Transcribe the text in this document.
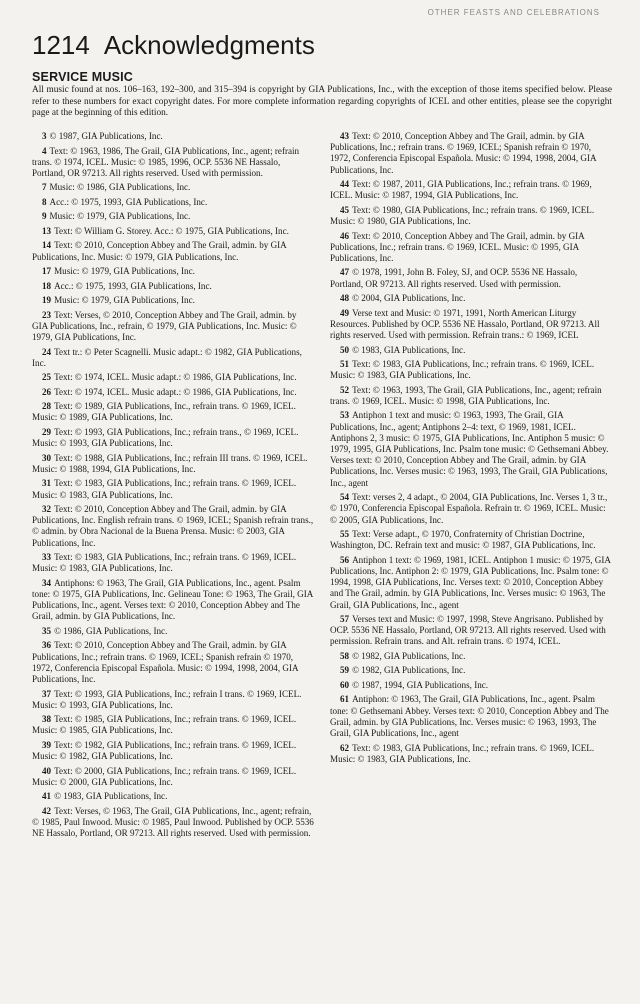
OTHER FEASTS AND CELEBRATIONS
1214 Acknowledgments
SERVICE MUSIC
All music found at nos. 106–163, 192–300, and 315–394 is copyright by GIA Publications, Inc., with the exception of those items specified below. Please refer to these numbers for exact copyright dates. For more complete information regarding copyrights of ICEL and other entities, please see the copyright page at the beginning of this edition.

3 © 1987, GIA Publications, Inc.

4 Text: © 1963, 1986, The Grail, GIA Publications, Inc., agent; refrain trans. © 1974, ICEL. Music: © 1985, 1996, OCP. 5536 NE Hassalo, Portland, OR 97213. All rights reserved. Used with permission.

7 Music: © 1986, GIA Publications, Inc.

8 Acc.: © 1975, 1993, GIA Publications, Inc.

9 Music: © 1979, GIA Publications, Inc.

13 Text: © William G. Storey. Acc.: © 1975, GIA Publications, Inc.

14 Text: © 2010, Conception Abbey and The Grail, admin. by GIA Publications, Inc. Music: © 1979, GIA Publications, Inc.

17 Music: © 1979, GIA Publications, Inc.

18 Acc.: © 1975, 1993, GIA Publications, Inc.

19 Music: © 1979, GIA Publications, Inc.

23 Text: Verses, © 2010, Conception Abbey and The Grail, admin. by GIA Publications, Inc., refrain, © 1979, GIA Publications, Inc. Music: © 1979, GIA Publications, Inc.

24 Text tr.: © Peter Scagnelli. Music adapt.: © 1982, GIA Publications, Inc.

25 Text: © 1974, ICEL. Music adapt.: © 1986, GIA Publications, Inc.

26 Text: © 1974, ICEL. Music adapt.: © 1986, GIA Publications, Inc.

28 Text: © 1989, GIA Publications, Inc., refrain trans. © 1969, ICEL. Music: © 1989, GIA Publications, Inc.

29 Text: © 1993, GIA Publications, Inc.; refrain trans., © 1969, ICEL. Music: © 1993, GIA Publications, Inc.

30 Text: © 1988, GIA Publications, Inc.; refrain III trans. © 1969, ICEL. Music: © 1988, 1994, GIA Publications, Inc.

31 Text: © 1983, GIA Publications, Inc.; refrain trans. © 1969, ICEL. Music: © 1983, GIA Publications, Inc.

32 Text: © 2010, Conception Abbey and The Grail, admin. by GIA Publications, Inc. English refrain trans. © 1969, ICEL; Spanish refrain trans., © admin. by Obra Nacional de la Buena Prensa. Music: © 2003, GIA Publications, Inc.

33 Text: © 1983, GIA Publications, Inc.; refrain trans. © 1969, ICEL. Music: © 1983, GIA Publications, Inc.

34 Antiphons: © 1963, The Grail, GIA Publications, Inc., agent. Psalm tone: © 1975, GIA Publications, Inc. Gelineau Tone: © 1963, The Grail, GIA Publications, Inc., agent. Verses text: © 2010, Conception Abbey and The Grail, admin. by GIA Publications, Inc.

35 © 1986, GIA Publications, Inc.

36 Text: © 2010, Conception Abbey and The Grail, admin. by GIA Publications, Inc.; refrain trans. © 1969, ICEL; Spanish refrain © 1970, 1972, Conferencia Episcopal Española. Music: © 1994, 1998, 2004, GIA Publications, Inc.

37 Text: © 1993, GIA Publications, Inc.; refrain I trans. © 1969, ICEL. Music: © 1993, GIA Publications, Inc.

38 Text: © 1985, GIA Publications, Inc.; refrain trans. © 1969, ICEL. Music: © 1985, GIA Publications, Inc.

39 Text: © 1982, GIA Publications, Inc.; refrain trans. © 1969, ICEL. Music: © 1982, GIA Publications, Inc.

40 Text: © 2000, GIA Publications, Inc.; refrain trans. © 1969, ICEL. Music: © 2000, GIA Publications, Inc.

41 © 1983, GIA Publications, Inc.

42 Text: Verses, © 1963, The Grail, GIA Publications, Inc., agent; refrain, © 1985, Paul Inwood. Music: © 1985, Paul Inwood. Published by OCP. 5536 NE Hassalo, Portland, OR 97213. All rights reserved. Used with permission.

43 Text: © 2010, Conception Abbey and The Grail, admin. by GIA Publications, Inc.; refrain trans. © 1969, ICEL; Spanish refrain © 1970, 1972, Conferencia Episcopal Española. Music: © 1994, 1998, 2004, GIA Publications, Inc.

44 Text: © 1987, 2011, GIA Publications, Inc.; refrain trans. © 1969, ICEL. Music: © 1987, 1994, GIA Publications, Inc.

45 Text: © 1980, GIA Publications, Inc.; refrain trans. © 1969, ICEL. Music: © 1980, GIA Publications, Inc.

46 Text: © 2010, Conception Abbey and The Grail, admin. by GIA Publications, Inc.; refrain trans. © 1969, ICEL. Music: © 1995, GIA Publications, Inc.

47 © 1978, 1991, John B. Foley, SJ, and OCP. 5536 NE Hassalo, Portland, OR 97213. All rights reserved. Used with permission.

48 © 2004, GIA Publications, Inc.

49 Verse text and Music: © 1971, 1991, North American Liturgy Resources. Published by OCP. 5536 NE Hassalo, Portland, OR 97213. All rights reserved. Used with permission. Refrain trans.: © 1969, ICEL

50 © 1983, GIA Publications, Inc.

51 Text: © 1983, GIA Publications, Inc.; refrain trans. © 1969, ICEL. Music: © 1983, GIA Publications, Inc.

52 Text: © 1963, 1993, The Grail, GIA Publications, Inc., agent; refrain trans. © 1969, ICEL. Music: © 1998, GIA Publications, Inc.

53 Antiphon 1 text and music: © 1963, 1993, The Grail, GIA Publications, Inc., agent; Antiphons 2–4: text, © 1969, 1981, ICEL. Antiphons 2, 3 music: © 1975, GIA Publications, Inc. Antiphon 5 music: © 1979, 1995, GIA Publications, Inc. Psalm tone music: © Gethsemani Abbey. Verses text: © 2010, Conception Abbey and The Grail, admin. by GIA Publications, Inc. Verses music: © 1963, 1993, The Grail, GIA Publications, Inc., agent

54 Text: verses 2, 4 adapt., © 2004, GIA Publications, Inc. Verses 1, 3 tr., © 1970, Conferencia Episcopal Española. Refrain tr. © 1969, ICEL. Music: © 2005, GIA Publications, Inc.

55 Text: Verse adapt., © 1970, Confraternity of Christian Doctrine, Washington, DC. Refrain text and music: © 1987, GIA Publications, Inc.

56 Antiphon 1 text: © 1969, 1981, ICEL. Antiphon 1 music: © 1975, GIA Publications, Inc. Antiphon 2: © 1979, GIA Publications, Inc. Psalm tone: © 1994, 1998, GIA Publications, Inc. Verses text: © 2010, Conception Abbey and The Grail, admin. by GIA Publications, Inc. Verses music: © 1963, The Grail, GIA Publications, Inc., agent

57 Verses text and Music: © 1997, 1998, Steve Angrisano. Published by OCP. 5536 NE Hassalo, Portland, OR 97213. All rights reserved. Used with permission. Refrain trans. and Alt. refrain trans. © 1974, ICEL.

58 © 1982, GIA Publications, Inc.

59 © 1982, GIA Publications, Inc.

60 © 1987, 1994, GIA Publications, Inc.

61 Antiphon: © 1963, The Grail, GIA Publications, Inc., agent. Psalm tone: © Gethsemani Abbey. Verses text: © 2010, Conception Abbey and The Grail, admin. by GIA Publications, Inc. Verses music: © 1963, 1993, The Grail, GIA Publications, Inc., agent

62 Text: © 1983, GIA Publications, Inc.; refrain trans. © 1969, ICEL. Music: © 1983, GIA Publications, Inc.
